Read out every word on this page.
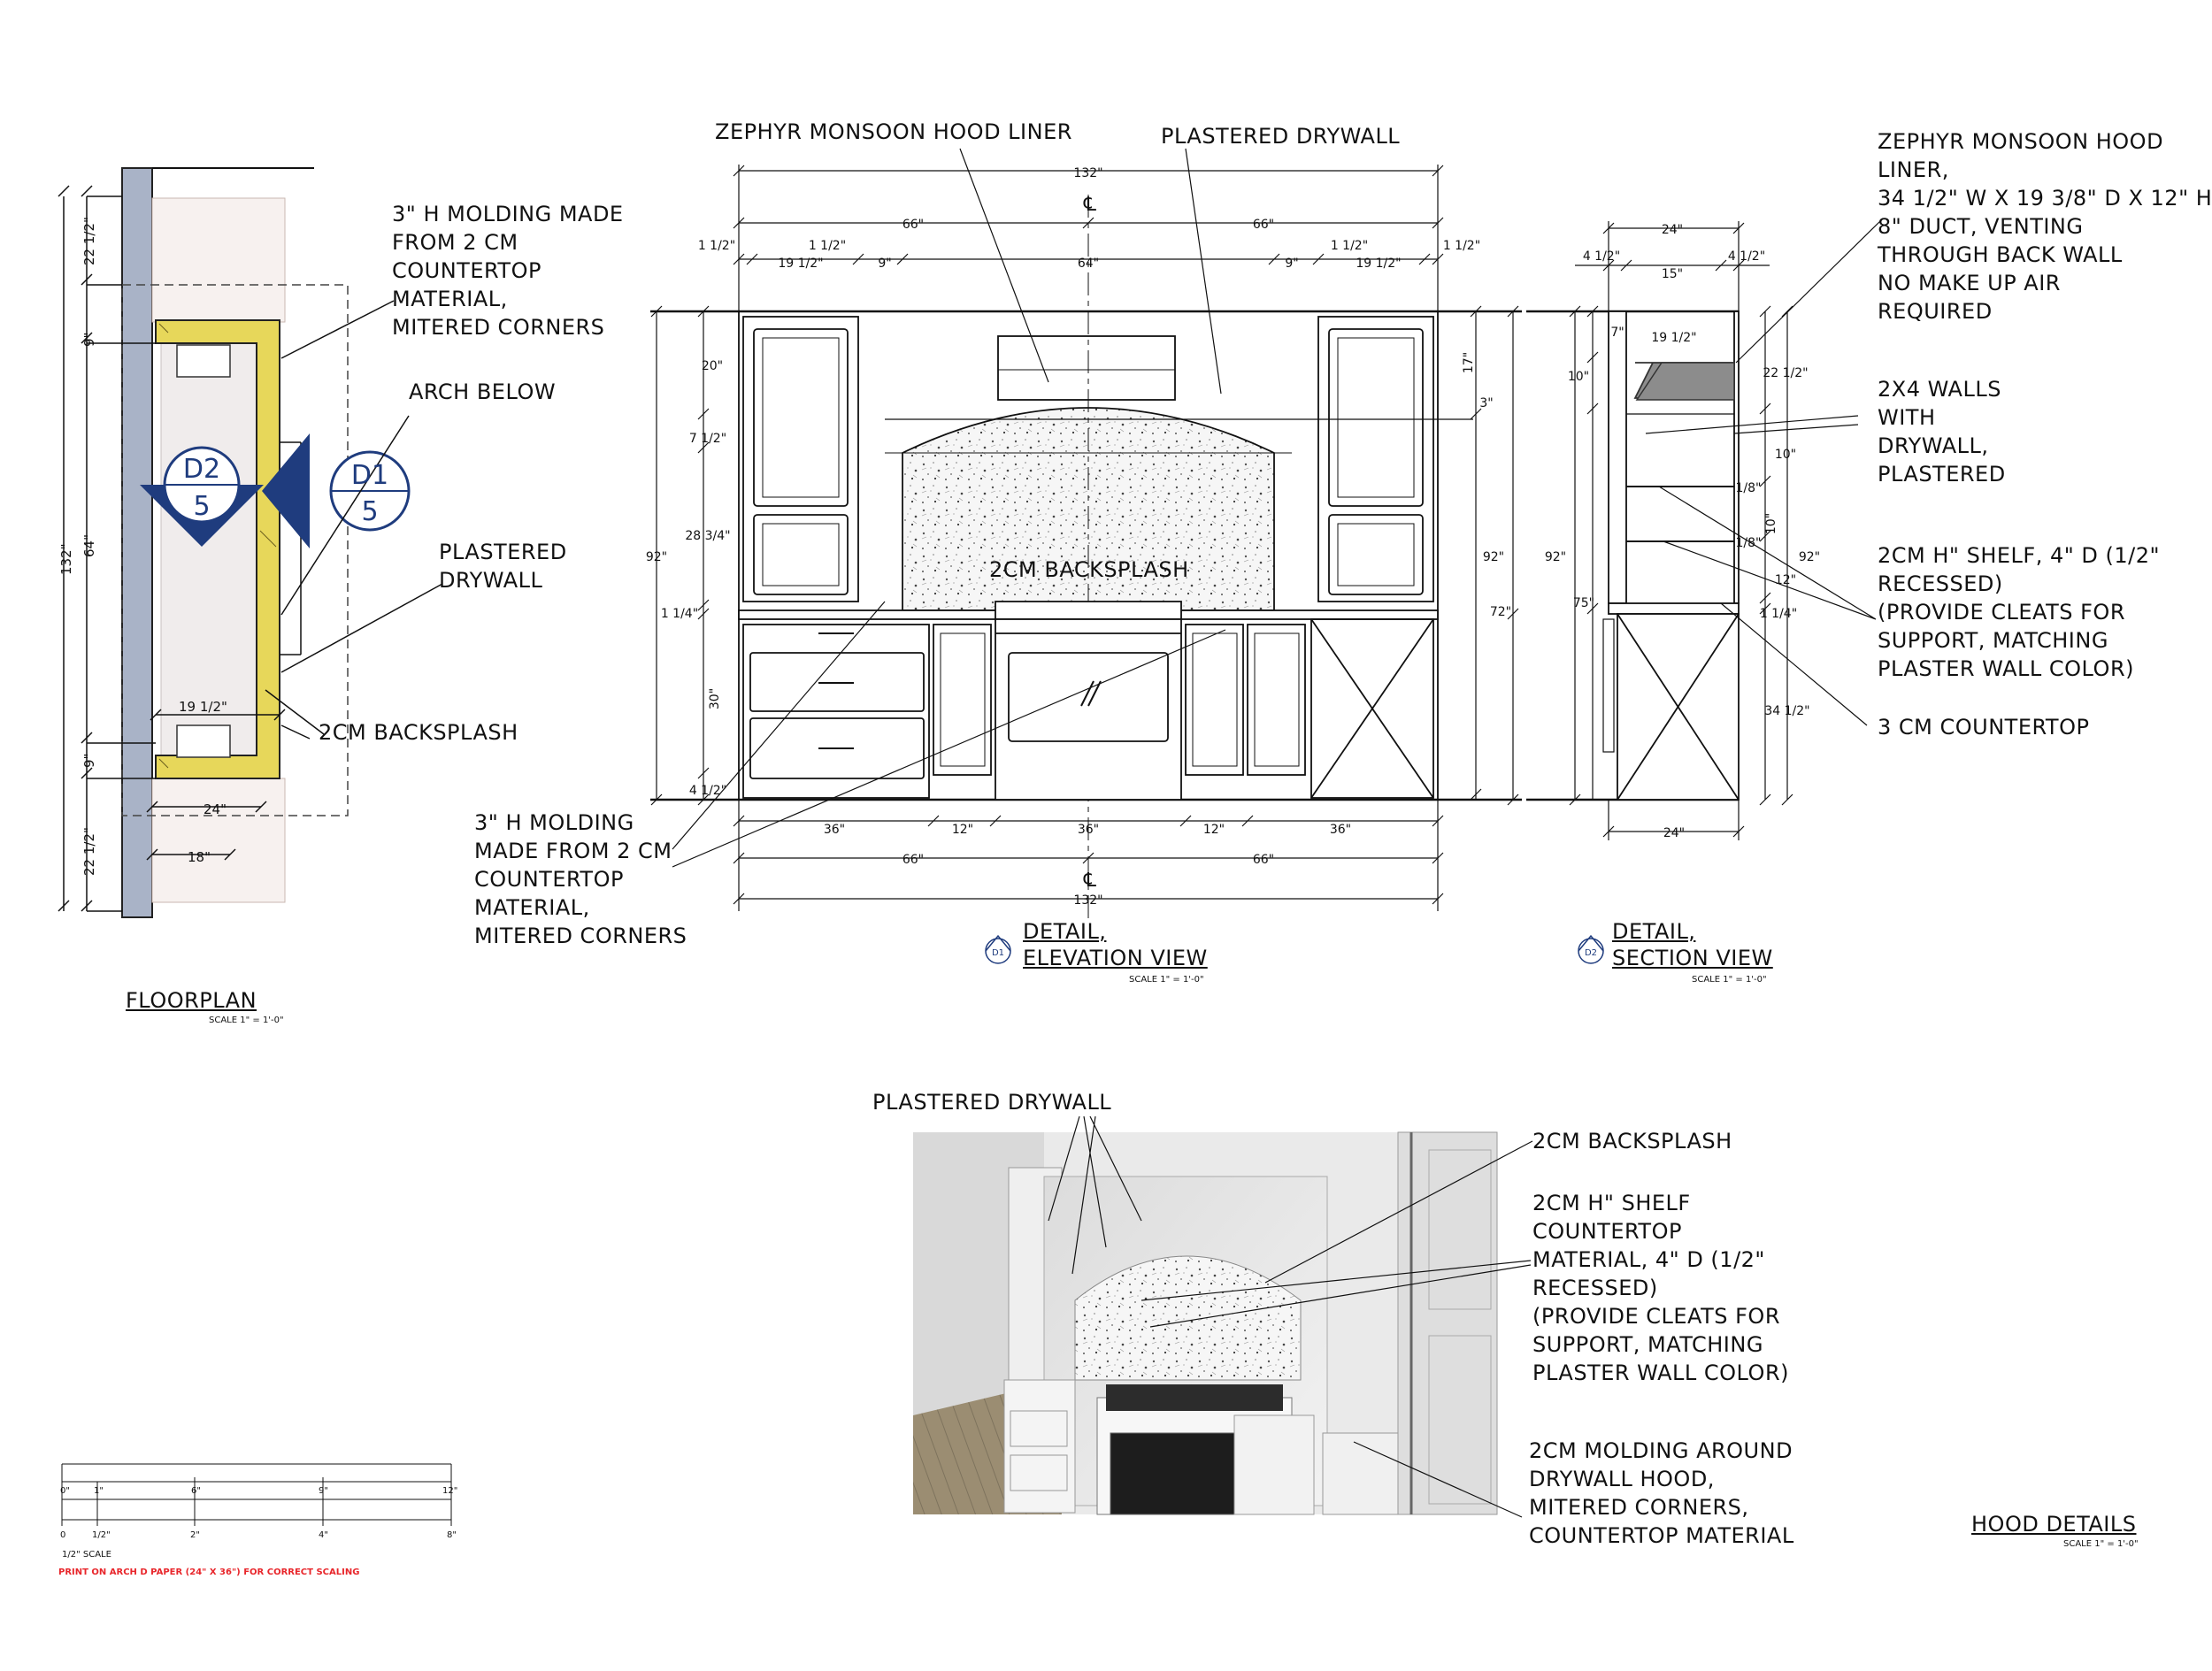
22 1/2"
9"
64"
9"
22 1/2"
132"
19 1/2"
24"
18"
D2
5
D1
5
132"
℄
66"	66"
1 1/2"	1 1/2"
19 1/2"	9"	64"	9"
1 1/2"
19 1/2"
1 1/2"
20"
7 1/2"
28 3/4"
1 1/4"
30"
4 1/2"
92"
17"
3"
92"
72"
36"	12"	36"	12"	36"
66"	66"
℄
132"
24"
4 1/2"
15"
4 1/2"
7" 19 1/2"
10"	22 1/2"
10"
1/8"
10"
1/8"
12"
1 1/4"
34 1/2"
92"
75"
92"
24"
0"	1"	6"	9"	12"
0	1/2"	2"	4"	8"
1/2" SCALE
D1	D2
3" H MOLDING MADE
FROM 2 CM
COUNTERTOP
MATERIAL,
MITERED CORNERS
ARCH BELOW
PLASTERED
DRYWALL
2CM BACKSPLASH
FLOORPLAN
SCALE 1" = 1'-0"
ZEPHYR MONSOON HOOD LINER	PLASTERED DRYWALL
2CM BACKSPLASH
3" H MOLDING
MADE FROM 2 CM
COUNTERTOP
MATERIAL,
MITERED CORNERS	DETAIL,
ELEVATION VIEW
SCALE 1" = 1'-0"
ZEPHYR MONSOON HOOD
LINER,
34 1/2" W X 19 3/8" D X 12" H
8" DUCT, VENTING
THROUGH BACK WALL
NO MAKE UP AIR
REQUIRED
2X4 WALLS
WITH
DRYWALL,
PLASTERED
2CM H" SHELF, 4" D (1/2"
RECESSED)
(PROVIDE CLEATS FOR
SUPPORT, MATCHING
PLASTER WALL COLOR)
3 CM COUNTERTOP
DETAIL,
SECTION VIEW
SCALE 1" = 1'-0"
PLASTERED DRYWALL
2CM BACKSPLASH
2CM H" SHELF
COUNTERTOP
MATERIAL, 4" D (1/2"
RECESSED)
(PROVIDE CLEATS FOR
SUPPORT, MATCHING
PLASTER WALL COLOR)
2CM MOLDING AROUND
DRYWALL HOOD,
MITERED CORNERS,
COUNTERTOP MATERIAL	HOOD DETAILS
SCALE 1" = 1'-0"
PRINT ON ARCH D PAPER (24" X 36") FOR CORRECT SCALING
